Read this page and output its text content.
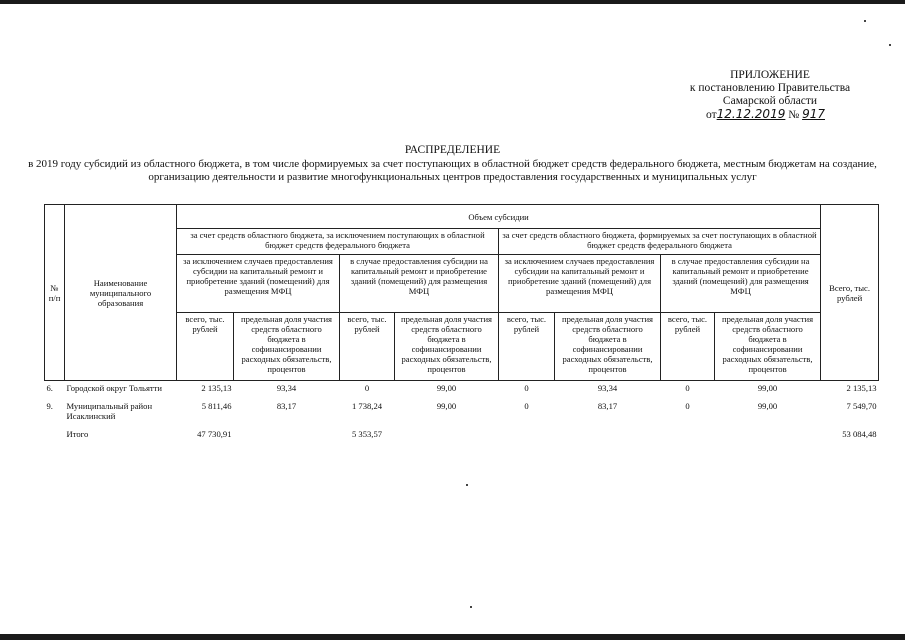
ПРИЛОЖЕНИЕ
к постановлению Правительства
Самарской области
от12.12.2019 № 917
РАСПРЕДЕЛЕНИЕ
в 2019 году субсидий из областного бюджета, в том числе формируемых за счет поступающих в областной бюджет средств федерального бюджета, местным бюджетам на создание, организацию деятельности и развитие многофункциональных центров предоставления государственных и муниципальных услуг
№ п/п	Наименование муниципального образования	Объем субсидии								Всего, тыс. рублей
		за счет средств областного бюджета, за исключением поступающих в областной бюджет средств федерального бюджета				за счет средств областного бюджета, формируемых за счет поступающих в областной бюджет средств федерального бюджета				
		за исключением случаев предоставления субсидии на капитальный ремонт и приобретение зданий (помещений) для размещения МФЦ		в случае предоставления субсидии на капитальный ремонт и приобретение зданий (помещений) для размещения МФЦ		за исключением случаев предоставления субсидии на капитальный ремонт и приобретение зданий (помещений) для размещения МФЦ		в случае предоставления субсидии на капитальный ремонт и приобретение зданий (помещений) для размещения МФЦ		
		всего, тыс. рублей	предельная доля участия средств областного бюджета в софинансировании расходных обязательств, процентов	всего, тыс. рублей	предельная доля участия средств областного бюджета в софинансировании расходных обязательств, процентов	всего, тыс. рублей	предельная доля участия средств областного бюджета в софинансировании расходных обязательств, процентов	всего, тыс. рублей	предельная доля участия средств областного бюджета в софинансировании расходных обязательств, процентов	
6.	Городской округ Тольятти	2 135,13	93,34	0	99,00	0	93,34	0	99,00	2 135,13
9.	Муниципальный район Исаклинский	5 811,46	83,17	1 738,24	99,00	0	83,17	0	99,00	7 549,70
	Итого	47 730,91		5 353,57						53 084,48
